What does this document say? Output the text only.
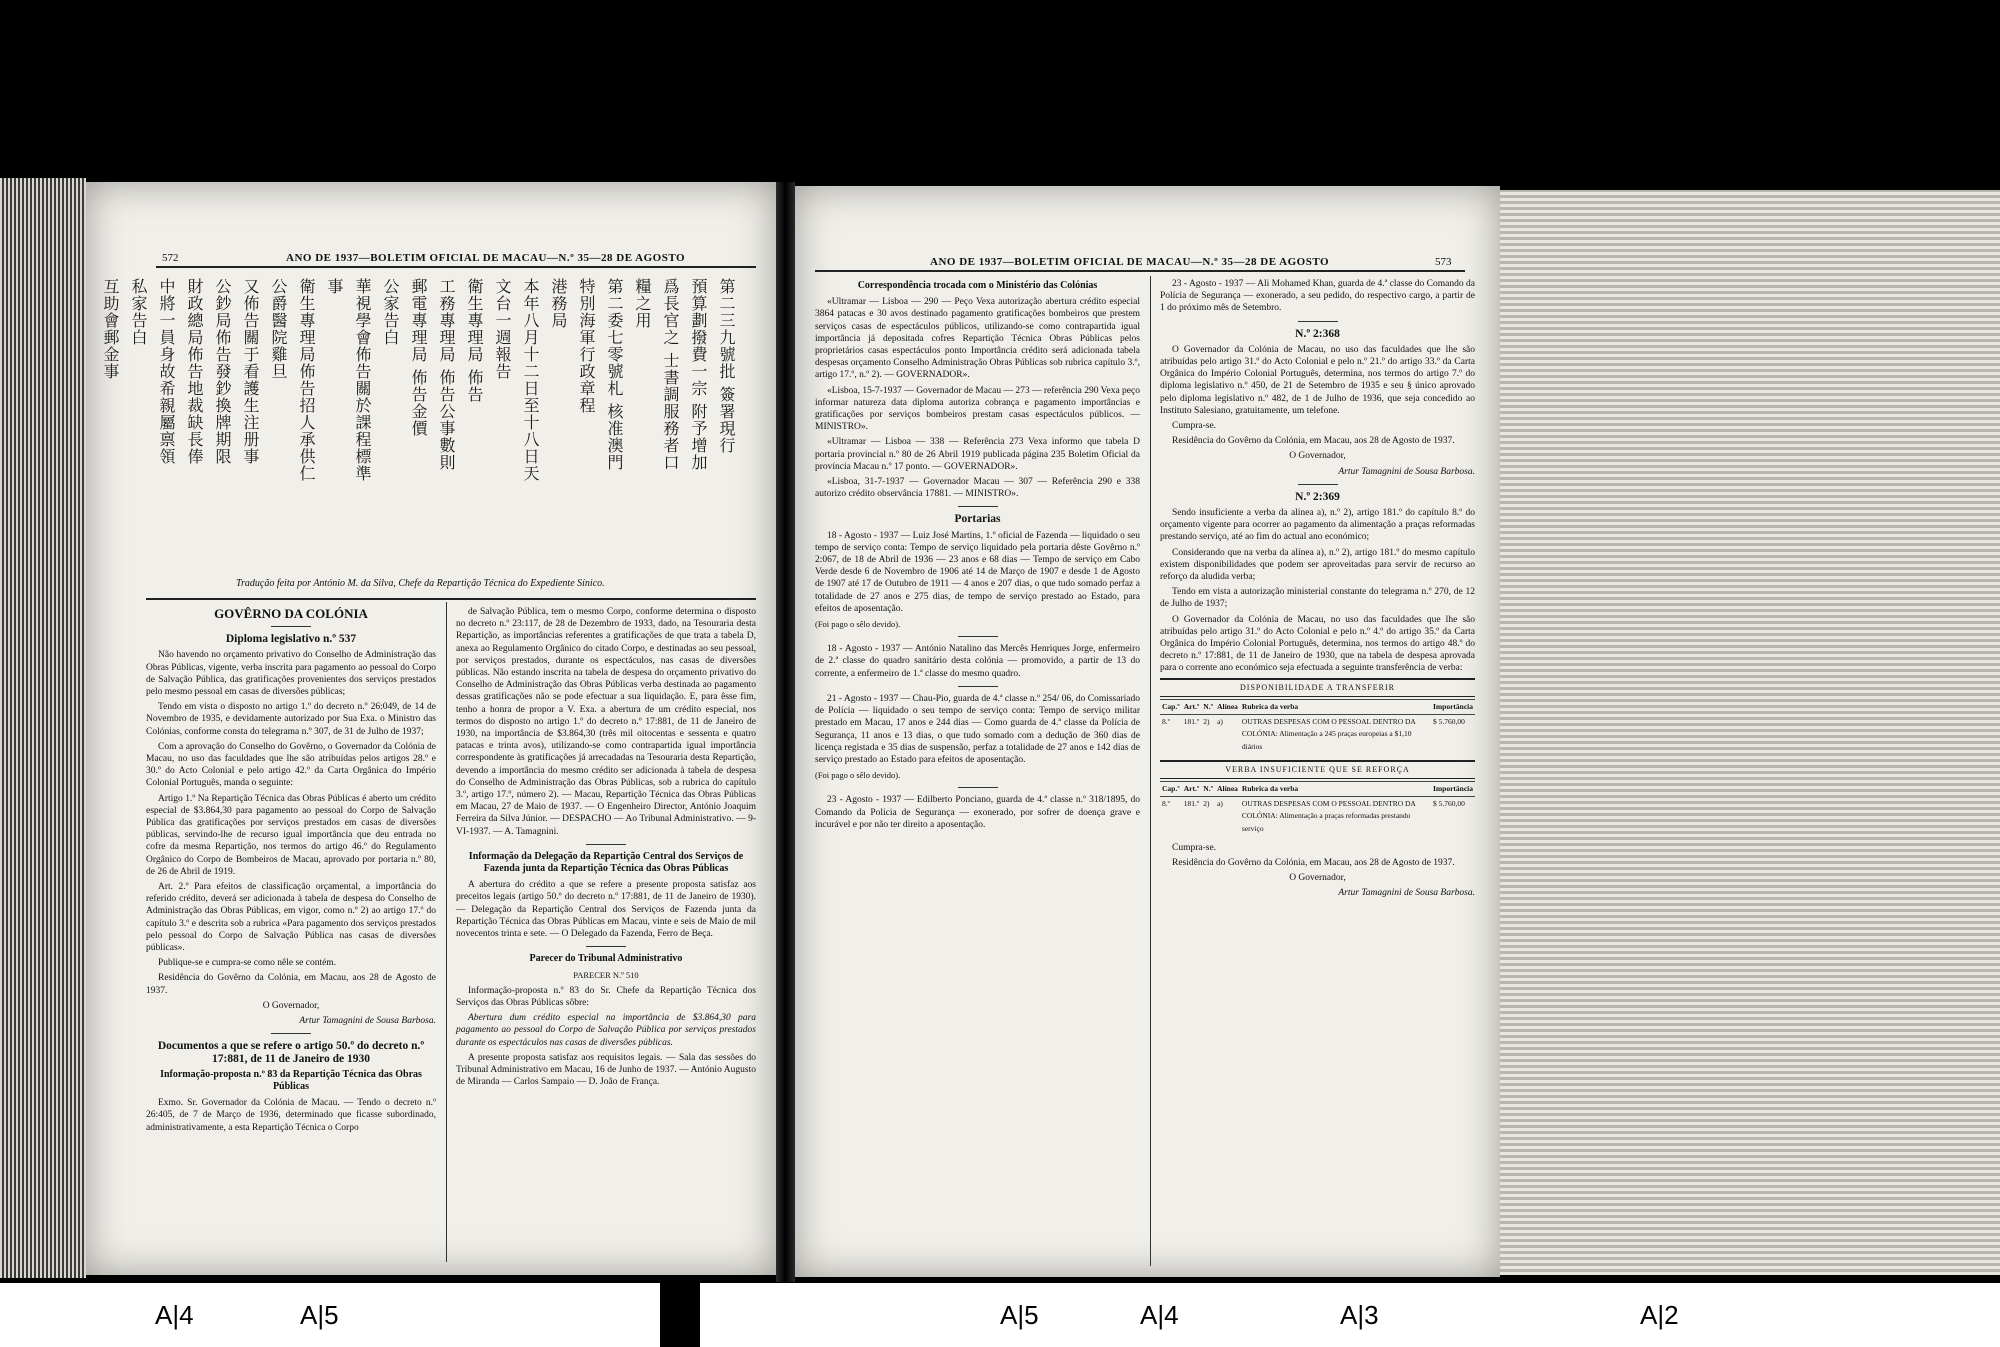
572	ANO DE 1937—BOLETIM OFICIAL DE MACAU—N.º 35—28 DE AGOSTO
第二三九號批 簽署現行
預算劃撥費一宗 附予增加
爲長官之 士書調服務者口
糧之用
第二委七零號札 核准澳門
特別海軍行政章程
港務局
本年八月十二日至十八日天
文台一週報告
衛生專理局 佈告
工務專理局 佈告公事數則
郵電專理局 佈告金價
公家告白
華視學會佈告關於課程標準
事
衛生專理局佈告招人承供仁
公爵醫院雞旦
又佈告關于看護生注册事
公鈔局佈告發鈔換牌期限
財政總局佈告地裁缺長俸
中將一員身故希親屬禀領
私家告白
互助會郵金事
Tradução feita por António M. da Silva, Chefe da Repartição Técnica do Expediente Sínico.
GOVÊRNO DA COLÓNIA
Diploma legislativo n.º 537

Não havendo no orçamento privativo do Conselho de Administração das Obras Públicas, vigente, verba inscrita para pagamento ao pessoal do Corpo de Salvação Pública, das gratificações provenientes dos serviços prestados pelo mesmo pessoal em casas de diversões públicas;

Tendo em vista o disposto no artigo 1.º do decreto n.º 26:049, de 14 de Novembro de 1935, e devidamente autorizado por Sua Exa. o Ministro das Colónias, conforme consta do telegrama n.º 307, de 31 de Julho de 1937;

Com a aprovação do Conselho do Govêrno, o Governador da Colónia de Macau, no uso das faculdades que lhe são atribuídas pelos artigos 28.º e 30.º do Acto Colonial e pelo artigo 42.º da Carta Orgânica do Império Colonial Português, manda o seguinte:

Artigo 1.º Na Repartição Técnica das Obras Públicas é aberto um crédito especial de $3.864,30 para pagamento ao pessoal do Corpo de Salvação Pública das gratificações por serviços prestados em casas de diversões públicas, servindo-lhe de recurso igual importância que deu entrada no cofre da mesma Repartição, nos termos do artigo 46.º do Regulamento Orgânico do Corpo de Bombeiros de Macau, aprovado por portaria n.º 80, de 26 de Abril de 1919.

Art. 2.º Para efeitos de classificação orçamental, a importância do referido crédito, deverá ser adicionada à tabela de despesa do Conselho de Administração das Obras Públicas, em vigor, como n.º 2) ao artigo 17.º do capítulo 3.º e descrita sob a rubrica «Para pagamento dos serviços prestados pelo pessoal do Corpo de Salvação Pública nas casas de diversões públicas».

Publique-se e cumpra-se como nêle se contém.

Residência do Govêrno da Colónia, em Macau, aos 28 de Agosto de 1937.

O Governador,

Artur Tamagnini de Sousa Barbosa.

Documentos a que se refere o artigo 50.º do decreto n.º 17:881, de 11 de Janeiro de 1930
Informação-proposta n.º 83 da Repartição Técnica das Obras Públicas

Exmo. Sr. Governador da Colónia de Macau. — Tendo o decreto n.º 26:405, de 7 de Março de 1936, determinado que ficasse subordinado, administrativamente, a esta Repartição Técnica o Corpo

de Salvação Pública, tem o mesmo Corpo, conforme determina o disposto no decreto n.º 23:117, de 28 de Dezembro de 1933, dado, na Tesouraria desta Repartição, as importâncias referentes a gratificações de que trata a tabela D, anexa ao Regulamento Orgânico do citado Corpo, e destinadas ao seu pessoal, por serviços prestados, durante os espectáculos, nas casas de diversões públicas. Não estando inscrita na tabela de despesa do orçamento privativo do Conselho de Administração das Obras Públicas verba destinada ao pagamento dessas gratificações não se pode efectuar a sua liquidação. E, para êsse fim, tenho a honra de propor a V. Exa. a abertura de um crédito especial, nos termos do disposto no artigo 1.º do decreto n.º 17:881, de 11 de Janeiro de 1930, na importância de $3.864,30 (três mil oitocentas e sessenta e quatro patacas e trinta avos), utilizando-se como contrapartida igual importância correspondente às gratificações já arrecadadas na Tesouraria desta Repartição, devendo a importância do mesmo crédito ser adicionada à tabela de despesa do Conselho de Administração das Obras Públicas, sob a rubrica do capítulo 3.º, artigo 17.º, número 2). — Macau, Repartição Técnica das Obras Públicas em Macau, 27 de Maio de 1937. — O Engenheiro Director, António Joaquim Ferreira da Silva Júnior. — DESPACHO — Ao Tribunal Administrativo. — 9-VI-1937. — A. Tamagnini.

Informação da Delegação da Repartição Central dos Serviços de Fazenda junta da Repartição Técnica das Obras Públicas

A abertura do crédito a que se refere a presente proposta satisfaz aos preceitos legais (artigo 50.º do decreto n.º 17:881, de 11 de Janeiro de 1930). — Delegação da Repartição Central dos Serviços de Fazenda junta da Repartição Técnica das Obras Públicas em Macau, vinte e seis de Maio de mil novecentos trinta e sete. — O Delegado da Fazenda, Ferro de Beça.

Parecer do Tribunal Administrativo

PARECER N.º 510

Informação-proposta n.º 83 do Sr. Chefe da Repartição Técnica dos Serviços das Obras Públicas sôbre:

Abertura dum crédito especial na importância de $3.864,30 para pagamento ao pessoal do Corpo de Salvação Pública por serviços prestados durante os espectáculos nas casas de diversões públicas.

A presente proposta satisfaz aos requisitos legais. — Sala das sessões do Tribunal Administrativo em Macau, 16 de Junho de 1937. — António Augusto de Miranda — Carlos Sampaio — D. João de França.

ANO DE 1937—BOLETIM OFICIAL DE MACAU—N.º 35—28 DE AGOSTO	573
Correspondência trocada com o Ministério das Colónias

«Ultramar — Lisboa — 290 — Peço Vexa autorização abertura crédito especial 3864 patacas e 30 avos destinado pagamento gratificações bombeiros que prestem serviços casas de espectáculos públicos, utilizando-se como contrapartida igual importância já depositada cofres Repartição Técnica Obras Públicas pelos proprietários casas espectáculos ponto Importância crédito será adicionada tabela despesas orçamento Conselho Administração Obras Públicas sob rubrica capítulo 3.º, artigo 17.º, n.º 2). — GOVERNADOR».

«Lisboa, 15-7-1937 — Governador de Macau — 273 — referência 290 Vexa peço informar natureza data diploma autoriza cobrança e pagamento importâncias e gratificações por serviços bombeiros prestam casas espectáculos públicos. — MINISTRO».

«Ultramar — Lisboa — 338 — Referência 273 Vexa informo que tabela D portaria provincial n.º 80 de 26 Abril 1919 publicada página 235 Boletim Oficial da província Macau n.º 17 ponto. — GOVERNADOR».

«Lisboa, 31-7-1937 — Governador Macau — 307 — Referência 290 e 338 autorizo crédito observância 17881. — MINISTRO».

Portarias

18 - Agosto - 1937 — Luiz José Martins, 1.º oficial de Fazenda — liquidado o seu tempo de serviço conta: Tempo de serviço liquidado pela portaria dêste Govêrno n.º 2:067, de 18 de Abril de 1936 — 23 anos e 68 dias — Tempo de serviço em Cabo Verde desde 6 de Novembro de 1906 até 14 de Março de 1907 e desde 1 de Agosto de 1907 até 17 de Outubro de 1911 — 4 anos e 207 dias, o que tudo somado perfaz a totalidade de 27 anos e 275 dias, de tempo de serviço prestado ao Estado, para efeitos de aposentação.

(Foi pago o sêlo devido).

18 - Agosto - 1937 — António Natalino das Mercês Henriques Jorge, enfermeiro de 2.ª classe do quadro sanitário desta colónia — promovido, a partir de 13 do corrente, a enfermeiro de 1.ª classe do mesmo quadro.

21 - Agosto - 1937 — Chau-Pio, guarda de 4.ª classe n.º 254/ 06, do Comissariado de Polícia — liquidado o seu tempo de serviço conta: Tempo de serviço militar prestado em Macau, 17 anos e 244 dias — Como guarda de 4.ª classe da Polícia de Segurança, 11 anos e 13 dias, o que tudo somado com a dedução de 360 dias de licença registada e 35 dias de suspensão, perfaz a totalidade de 27 anos e 142 dias de serviço prestado ao Estado para efeitos de aposentação.

(Foi pago o sêlo devido).

23 - Agosto - 1937 — Edilberto Ponciano, guarda de 4.ª classe n.º 318/1895, do Comando da Polícia de Segurança — exonerado, por sofrer de doença grave e incurável e por não ter direito a aposentação.

23 - Agosto - 1937 — Ali Mohamed Khan, guarda de 4.ª classe do Comando da Polícia de Segurança — exonerado, a seu pedido, do respectivo cargo, a partir de 1 do próximo mês de Setembro.

N.º 2:368

O Governador da Colónia de Macau, no uso das faculdades que lhe são atribuídas pelo artigo 31.º do Acto Colonial e pelo n.º 21.º do artigo 33.º da Carta Orgânica do Império Colonial Português, determina, nos termos do artigo 7.º do diploma legislativo n.º 450, de 21 de Setembro de 1935 e seu § único aprovado pelo diploma legislativo n.º 482, de 1 de Julho de 1936, que seja concedido ao Instituto Salesiano, gratuitamente, um telefone.

Cumpra-se.

Residência do Govêrno da Colónia, em Macau, aos 28 de Agosto de 1937.

O Governador,

Artur Tamagnini de Sousa Barbosa.

N.º 2:369

Sendo insuficiente a verba da alínea a), n.º 2), artigo 181.º do capítulo 8.º do orçamento vigente para ocorrer ao pagamento da alimentação a praças reformadas prestando serviço, até ao fim do actual ano económico;

Considerando que na verba da alínea a), n.º 2), artigo 181.º do mesmo capítulo existem disponibilidades que podem ser aproveitadas para servir de recurso ao reforço da aludida verba;

Tendo em vista a autorização ministerial constante do telegrama n.º 270, de 12 de Julho de 1937;

O Governador da Colónia de Macau, no uso das faculdades que lhe são atribuídas pelo artigo 31.º do Acto Colonial e pelo n.º 4.º do artigo 35.º da Carta Orgânica do Império Colonial Português, determina, nos termos do artigo 48.º do decreto n.º 17:881, de 11 de Janeiro de 1930, que na tabela de despesa aprovada para o corrente ano económico seja efectuada a seguinte transferência de verba:

DISPONIBILIDADE A TRANSFERIR
Cap.º	Art.º	N.º	Alínea	Rubrica da verba	Importância
8.º	181.º	2)	a)	OUTRAS DESPESAS COM O PESSOAL DENTRO DA COLÓNIA: Alimentação a 245 praças europeias a $1,10 diários	$ 5.760,00
VERBA INSUFICIENTE QUE SE REFORÇA
Cap.º	Art.º	N.º	Alínea	Rubrica da verba	Importância
8.º	181.º	2)	a)	OUTRAS DESPESAS COM O PESSOAL DENTRO DA COLÓNIA: Alimentação a praças reformadas prestando serviço	$ 5.760,00

Cumpra-se.

Residência do Govêrno da Colónia, em Macau, aos 28 de Agosto de 1937.

O Governador,

Artur Tamagnini de Sousa Barbosa.

A|4	A|5	A|5	A|4	A|3	A|2
